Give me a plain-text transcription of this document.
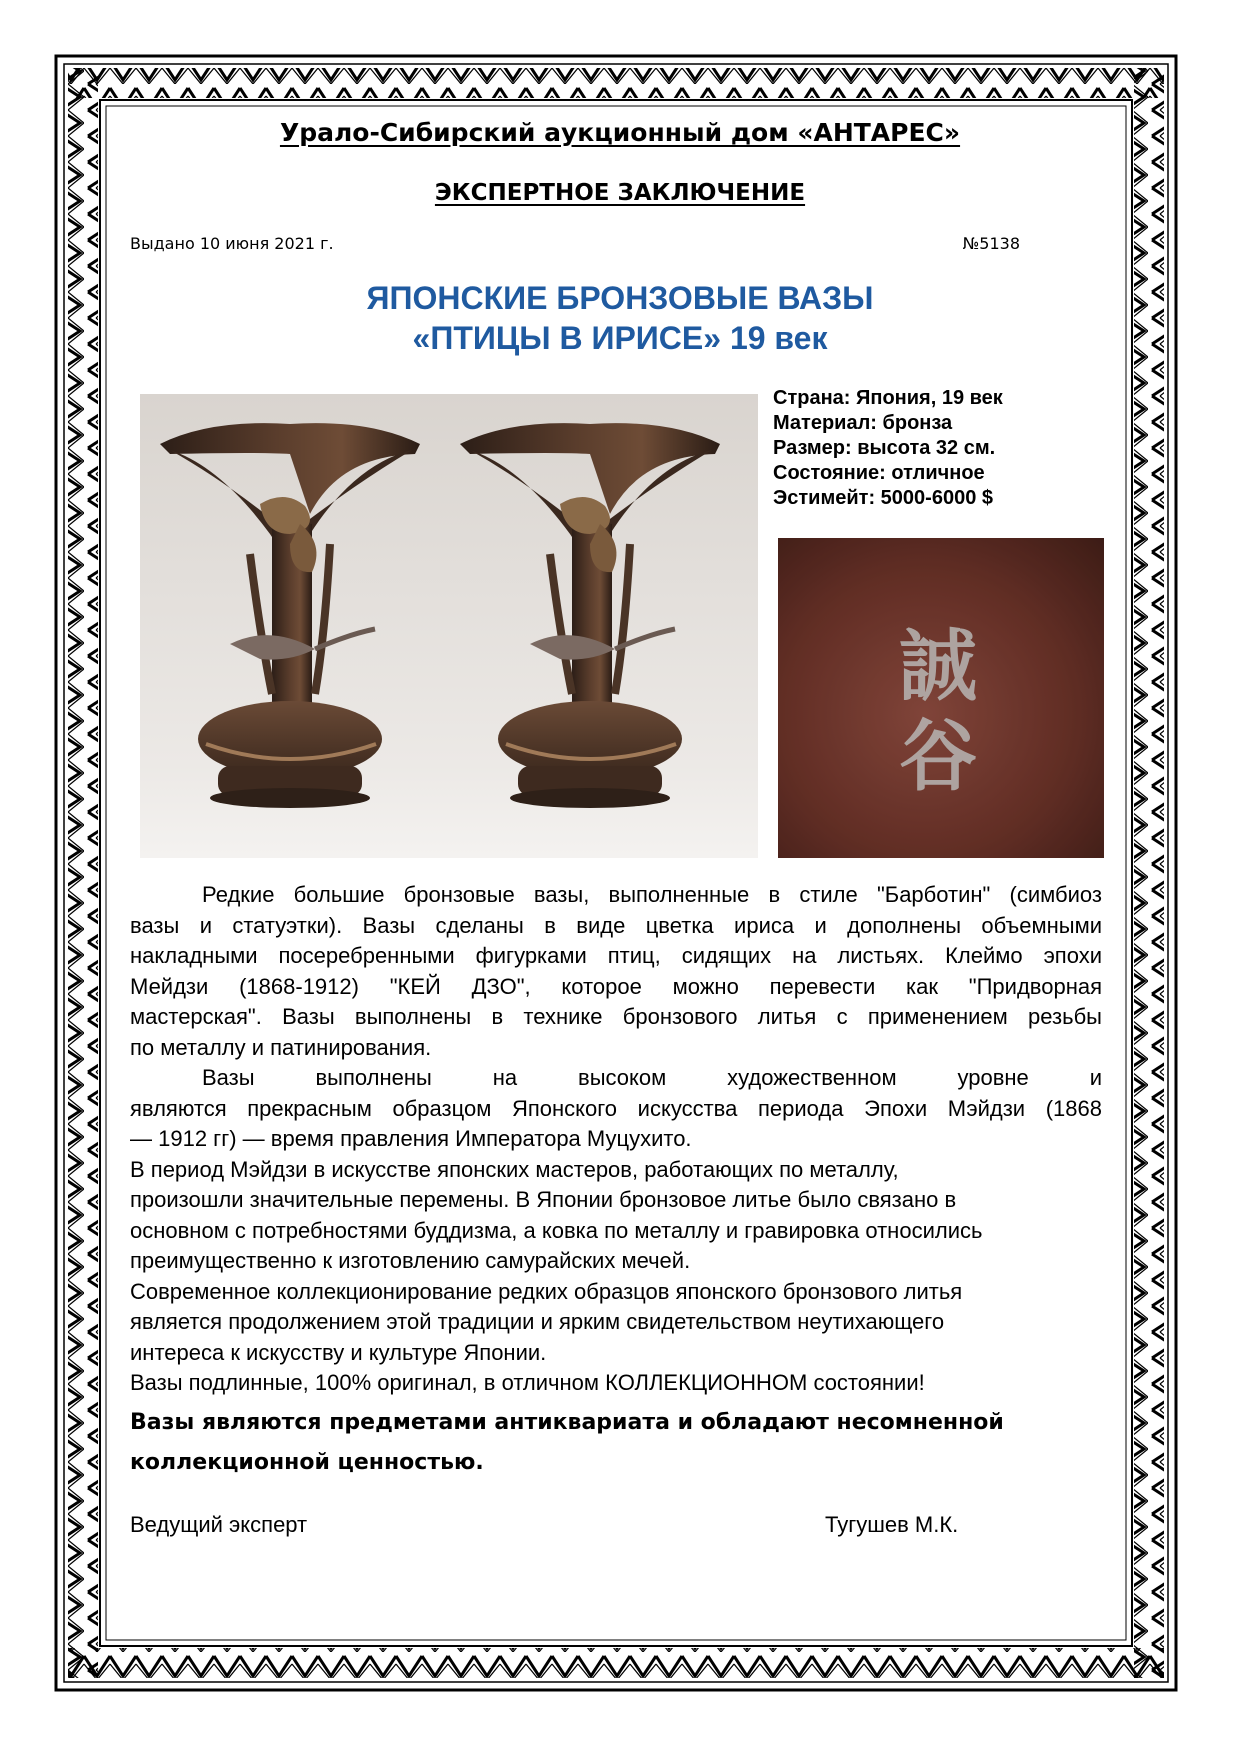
Урало-Сибирский аукционный дом «АНТАРЕС»
ЭКСПЕРТНОЕ ЗАКЛЮЧЕНИЕ
Выдано 10 июня 2021 г.	№5138
ЯПОНСКИЕ БРОНЗОВЫЕ ВАЗЫ
«ПТИЦЫ В ИРИСЕ» 19 век
Страна: Япония, 19 век
Материал: бронза
Размер: высота 32 см.
Состояние: отличное
Эстимейт: 5000-6000 $
誠
谷

Редкие большие бронзовые вазы, выполненные в стиле "Барботин" (симбиоз
вазы и статуэтки). Вазы сделаны в виде цветка ириса и дополнены объемными
накладными посеребренными фигурками птиц, сидящих на листьях. Клеймо эпохи
Мейдзи (1868-1912) "КЕЙ ДЗО", которое можно перевести как "Придворная
мастерская". Вазы выполнены в технике бронзового литья с применением резьбы

по металлу и патинирования.

Вазы выполнены на высоком художественном уровне и

являются прекрасным образцом Японского искусства периода Эпохи Мэйдзи (1868

— 1912 гг) — время правления Императора Муцухито.

В период Мэйдзи в искусстве японских мастеров, работающих по металлу,

произошли значительные перемены. В Японии бронзовое литье было связано в

основном с потребностями буддизма, а ковка по металлу и гравировка относились

преимущественно к изготовлению самурайских мечей.

Современное коллекционирование редких образцов японского бронзового литья

является продолжением этой традиции и ярким свидетельством неутихающего

интереса к искусству и культуре Японии.

Вазы подлинные, 100% оригинал, в отличном КОЛЛЕКЦИОННОМ состоянии!

Вазы являются предметами антиквариата и обладают несомненной
коллекционной ценностью.

Ведущий эксперт	Тугушев М.К.
